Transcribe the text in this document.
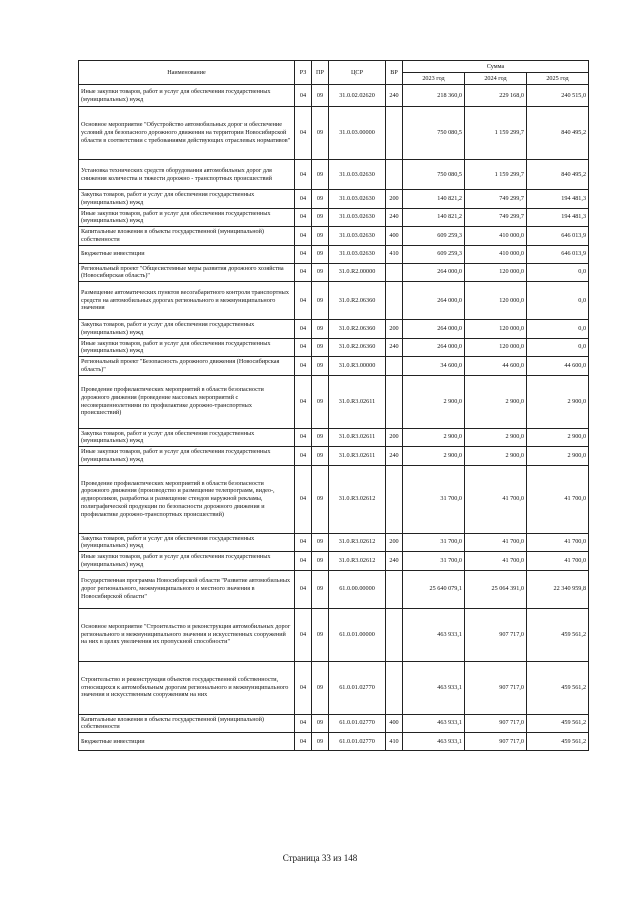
Наименование	РЗ	ПР	ЦСР	ВР	Сумма		
					2023 год	2024 год	2025 год
Иные закупки товаров, работ и услуг для обеспечения государственных (муниципальных) нужд	04	09	31.0.02.02620	240	218 360,0	229 168,0	240 515,0
Основное мероприятие "Обустройство автомобильных дорог и обеспечение условий для безопасного дорожного движения на территории Новосибирской области в соответствии с требованиями действующих отраслевых нормативов"	04	09	31.0.03.00000		750 080,5	1 159 299,7	840 495,2
Установка технических средств оборудования автомобильных дорог для снижения количества и тяжести дорожно - транспортных происшествий	04	09	31.0.03.02630		750 080,5	1 159 299,7	840 495,2
Закупка товаров, работ и услуг для обеспечения государственных (муниципальных) нужд	04	09	31.0.03.02630	200	140 821,2	749 299,7	194 481,3
Иные закупки товаров, работ и услуг для обеспечения государственных (муниципальных) нужд	04	09	31.0.03.02630	240	140 821,2	749 299,7	194 481,3
Капитальные вложения в объекты государственной (муниципальной) собственности	04	09	31.0.03.02630	400	609 259,3	410 000,0	646 013,9
Бюджетные инвестиции	04	09	31.0.03.02630	410	609 259,3	410 000,0	646 013,9
Региональный проект "Общесистемные меры развития дорожного хозяйства (Новосибирская область)"	04	09	31.0.R2.00000		264 000,0	120 000,0	0,0
Размещение автоматических пунктов весогабаритного контроля транспортных средств на автомобильных дорогах регионального и межмуниципального значения	04	09	31.0.R2.06360		264 000,0	120 000,0	0,0
Закупка товаров, работ и услуг для обеспечения государственных (муниципальных) нужд	04	09	31.0.R2.06360	200	264 000,0	120 000,0	0,0
Иные закупки товаров, работ и услуг для обеспечения государственных (муниципальных) нужд	04	09	31.0.R2.06360	240	264 000,0	120 000,0	0,0
Региональный проект "Безопасность дорожного движения (Новосибирская область)"	04	09	31.0.R3.00000		34 600,0	44 600,0	44 600,0
Проведение профилактических мероприятий в области безопасности дорожного движения (проведение массовых мероприятий с несовершеннолетними по профилактике дорожно-транспортных происшествий)	04	09	31.0.R3.02611		2 900,0	2 900,0	2 900,0
Закупка товаров, работ и услуг для обеспечения государственных (муниципальных) нужд	04	09	31.0.R3.02611	200	2 900,0	2 900,0	2 900,0
Иные закупки товаров, работ и услуг для обеспечения государственных (муниципальных) нужд	04	09	31.0.R3.02611	240	2 900,0	2 900,0	2 900,0
Проведение профилактических мероприятий в области безопасности дорожного движения (производство и размещение телепрограмм, видео-, аудиороликов, разработка и размещение стендов наружной рекламы, полиграфической продукции по безопасности дорожного движения и профилактике дорожно-транспортных происшествий)	04	09	31.0.R3.02612		31 700,0	41 700,0	41 700,0
Закупка товаров, работ и услуг для обеспечения государственных (муниципальных) нужд	04	09	31.0.R3.02612	200	31 700,0	41 700,0	41 700,0
Иные закупки товаров, работ и услуг для обеспечения государственных (муниципальных) нужд	04	09	31.0.R3.02612	240	31 700,0	41 700,0	41 700,0
Государственная программа Новосибирской области "Развитие автомобильных дорог регионального, межмуниципального и местного значения в Новосибирской области"	04	09	61.0.00.00000		25 640 079,1	25 064 391,0	22 340 959,8
Основное мероприятие "Строительство и реконструкция автомобильных дорог регионального и межмуниципального значения и искусственных сооружений на них в целях увеличения их пропускной способности"	04	09	61.0.01.00000		463 933,1	907 717,0	459 561,2
Строительство и реконструкция объектов государственной собственности, относящихся к автомобильным дорогам регионального и межмуниципального значения и искусственным сооружениям на них	04	09	61.0.01.02770		463 933,1	907 717,0	459 561,2
Капитальные вложения в объекты государственной (муниципальной) собственности	04	09	61.0.01.02770	400	463 933,1	907 717,0	459 561,2
Бюджетные инвестиции	04	09	61.0.01.02770	410	463 933,1	907 717,0	459 561,2
Страница 33 из 148
